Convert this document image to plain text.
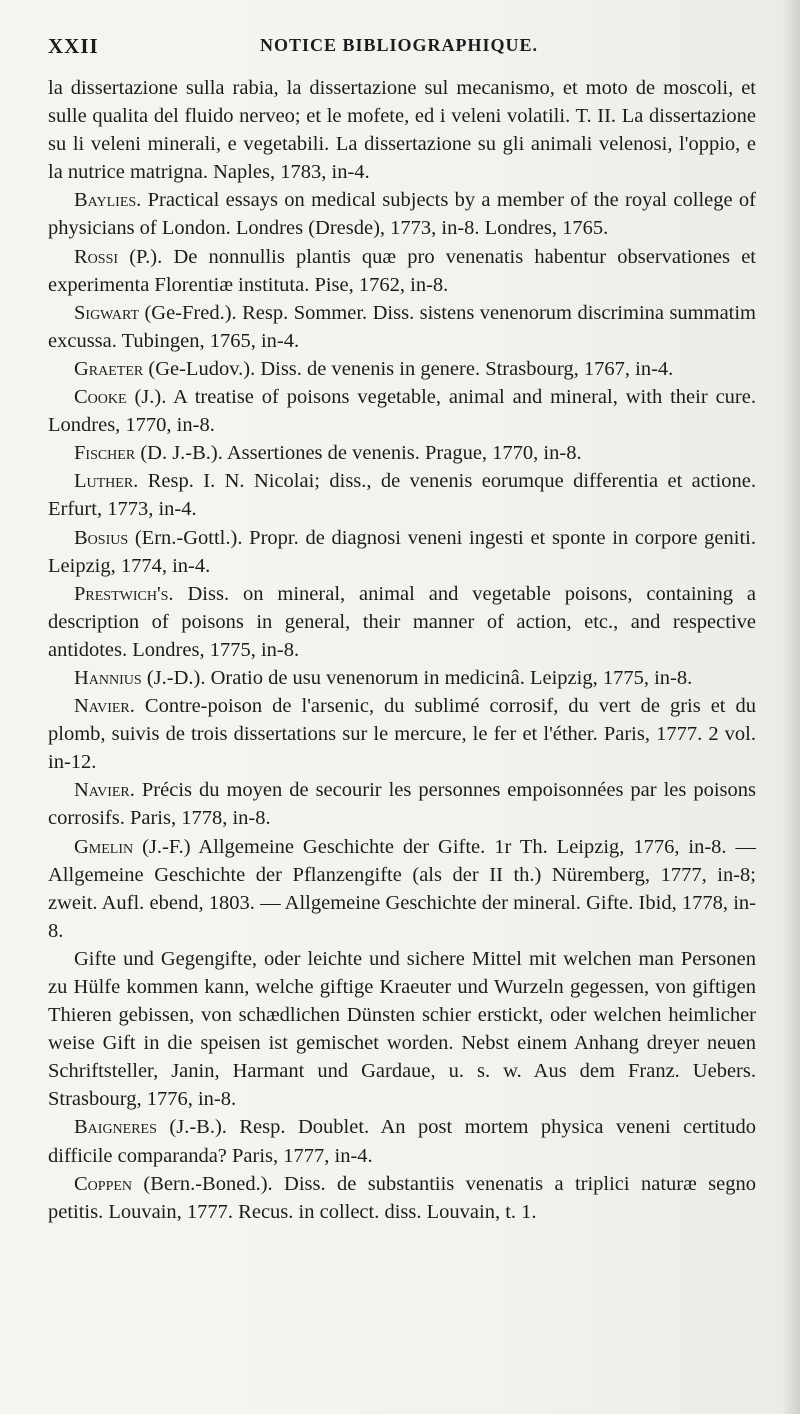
XXII	NOTICE BIBLIOGRAPHIQUE.

la dissertazione sulla rabia, la dissertazione sul mecanismo, et moto de moscoli, et sulle qualita del fluido nerveo; et le mofete, ed i veleni volatili. T. II. La dissertazione su li veleni minerali, e vegetabili. La dissertazione su gli animali velenosi, l'oppio, e la nutrice matrigna. Naples, 1783, in-4.

Baylies. Practical essays on medical subjects by a member of the royal college of physicians of London. Londres (Dresde), 1773, in-8. Londres, 1765.

Rossi (P.). De nonnullis plantis quæ pro venenatis habentur observationes et experimenta Florentiæ instituta. Pise, 1762, in-8.

Sigwart (Ge-Fred.). Resp. Sommer. Diss. sistens venenorum discrimina summatim excussa. Tubingen, 1765, in-4.

Graeter (Ge-Ludov.). Diss. de venenis in genere. Strasbourg, 1767, in-4.

Cooke (J.). A treatise of poisons vegetable, animal and mineral, with their cure. Londres, 1770, in-8.

Fischer (D. J.-B.). Assertiones de venenis. Prague, 1770, in-8.

Luther. Resp. I. N. Nicolai; diss., de venenis eorumque differentia et actione. Erfurt, 1773, in-4.

Bosius (Ern.-Gottl.). Propr. de diagnosi veneni ingesti et sponte in corpore geniti. Leipzig, 1774, in-4.

Prestwich's. Diss. on mineral, animal and vegetable poisons, containing a description of poisons in general, their manner of action, etc., and respective antidotes. Londres, 1775, in-8.

Hannius (J.-D.). Oratio de usu venenorum in medicinâ. Leipzig, 1775, in-8.

Navier. Contre-poison de l'arsenic, du sublimé corrosif, du vert de gris et du plomb, suivis de trois dissertations sur le mercure, le fer et l'éther. Paris, 1777. 2 vol. in-12.

Navier. Précis du moyen de secourir les personnes empoisonnées par les poisons corrosifs. Paris, 1778, in-8.

Gmelin (J.-F.) Allgemeine Geschichte der Gifte. 1r Th. Leipzig, 1776, in-8. — Allgemeine Geschichte der Pflanzengifte (als der II th.) Nüremberg, 1777, in-8; zweit. Aufl. ebend, 1803. — Allgemeine Geschichte der mineral. Gifte. Ibid, 1778, in-8.

Gifte und Gegengifte, oder leichte und sichere Mittel mit welchen man Personen zu Hülfe kommen kann, welche giftige Kraeuter und Wurzeln gegessen, von giftigen Thieren gebissen, von schædlichen Dünsten schier erstickt, oder welchen heimlicher weise Gift in die speisen ist gemischet worden. Nebst einem Anhang dreyer neuen Schriftsteller, Janin, Harmant und Gardaue, u. s. w. Aus dem Franz. Uebers. Strasbourg, 1776, in-8.

Baigneres (J.-B.). Resp. Doublet. An post mortem physica veneni certitudo difficile comparanda? Paris, 1777, in-4.

Coppen (Bern.-Boned.). Diss. de substantiis venenatis a triplici naturæ segno petitis. Louvain, 1777. Recus. in collect. diss. Louvain, t. 1.
